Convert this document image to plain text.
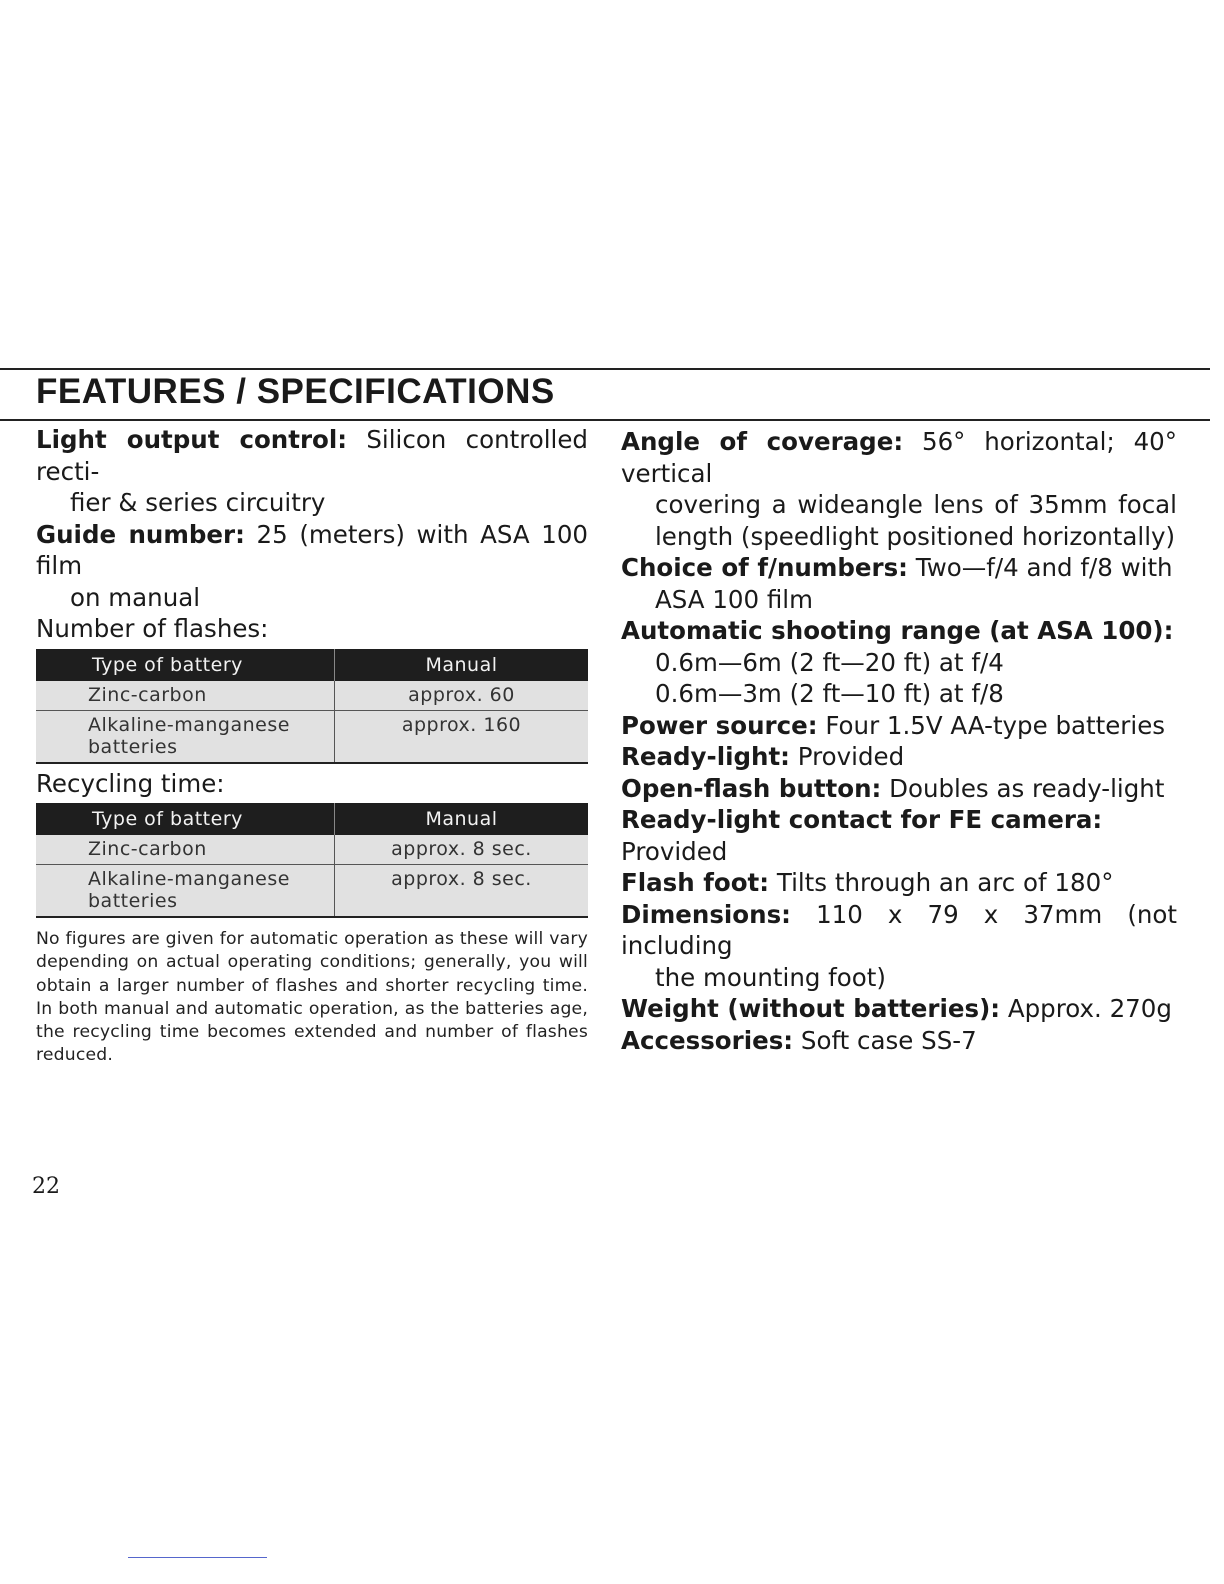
FEATURES / SPECIFICATIONS

Light output control: Silicon controlled recti-
fier & series circuitry

Guide number: 25 (meters) with ASA 100 film
on manual

Number of flashes:

Type of battery	Manual
Zinc-carbon	approx. 60
Alkaline-manganese batteries	approx. 160

Recycling time:

Type of battery	Manual
Zinc-carbon	approx. 8 sec.
Alkaline-manganese batteries	approx. 8 sec.
No figures are given for automatic operation as these will vary depending on actual operating conditions; generally, you will obtain a larger number of flashes and shorter recycling time. In both manual and automatic operation, as the batteries age, the recycling time becomes extended and number of flashes reduced.

Angle of coverage: 56° horizontal; 40° vertical
covering a wideangle lens of 35mm focal length (speedlight positioned horizontally)

Choice of f/numbers: Two—f/4 and f/8 with
ASA 100 film

Automatic shooting range (at ASA 100):
0.6m—6m (2 ft—20 ft) at f/4
0.6m—3m (2 ft—10 ft) at f/8

Power source: Four 1.5V AA-type batteries

Ready-light: Provided

Open-flash button: Doubles as ready-light

Ready-light contact for FE camera: Provided

Flash foot: Tilts through an arc of 180°

Dimensions: 110 x 79 x 37mm (not including
the mounting foot)

Weight (without batteries): Approx. 270g

Accessories: Soft case SS-7

22
